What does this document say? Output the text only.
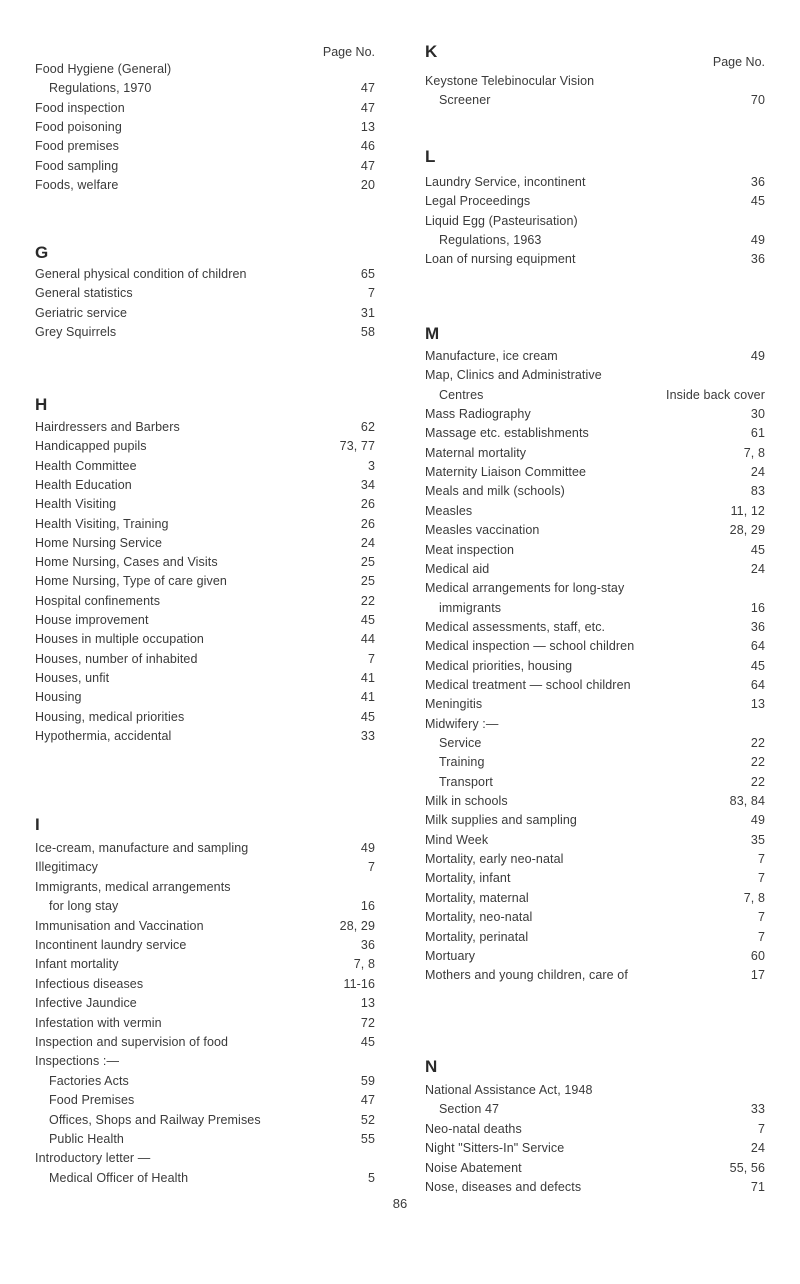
Page No.
Food Hygiene (General)
Regulations, 1970	47
Food inspection	47
Food poisoning	13
Food premises	46
Food sampling	47
Foods, welfare	20
G
General physical condition of children	65
General statistics	7
Geriatric service	31
Grey Squirrels	58
H
Hairdressers and Barbers	62
Handicapped pupils	73, 77
Health Committee	3
Health Education	34
Health Visiting	26
Health Visiting, Training	26
Home Nursing Service	24
Home Nursing, Cases and Visits	25
Home Nursing, Type of care given	25
Hospital confinements	22
House improvement	45
Houses in multiple occupation	44
Houses, number of inhabited	7
Houses, unfit	41
Housing	41
Housing, medical priorities	45
Hypothermia, accidental	33
I
Ice-cream, manufacture and sampling	49
Illegitimacy	7
Immigrants, medical arrangements
for long stay	16
Immunisation and Vaccination	28, 29
Incontinent laundry service	36
Infant mortality	7, 8
Infectious diseases	11-16
Infective Jaundice	13
Infestation with vermin	72
Inspection and supervision of food	45
Inspections :—
Factories Acts	59
Food Premises	47
Offices, Shops and Railway Premises	52
Public Health	55
Introductory letter —
Medical Officer of Health	5
K
Page No.
Keystone Telebinocular Vision
Screener	70
L
Laundry Service, incontinent	36
Legal Proceedings	45
Liquid Egg (Pasteurisation)
Regulations, 1963	49
Loan of nursing equipment	36
M
Manufacture, ice cream	49
Map, Clinics and Administrative
Centres	Inside back cover
Mass Radiography	30
Massage etc. establishments	61
Maternal mortality	7, 8
Maternity Liaison Committee	24
Meals and milk (schools)	83
Measles	11, 12
Measles vaccination	28, 29
Meat inspection	45
Medical aid	24
Medical arrangements for long-stay
immigrants	16
Medical assessments, staff, etc.	36
Medical inspection — school children	64
Medical priorities, housing	45
Medical treatment — school children	64
Meningitis	13
Midwifery :—
Service	22
Training	22
Transport	22
Milk in schools	83, 84
Milk supplies and sampling	49
Mind Week	35
Mortality, early neo-natal	7
Mortality, infant	7
Mortality, maternal	7, 8
Mortality, neo-natal	7
Mortality, perinatal	7
Mortuary	60
Mothers and young children, care of	17
N
National Assistance Act, 1948
Section 47	33
Neo-natal deaths	7
Night "Sitters-In" Service	24
Noise Abatement	55, 56
Nose, diseases and defects	71
86
